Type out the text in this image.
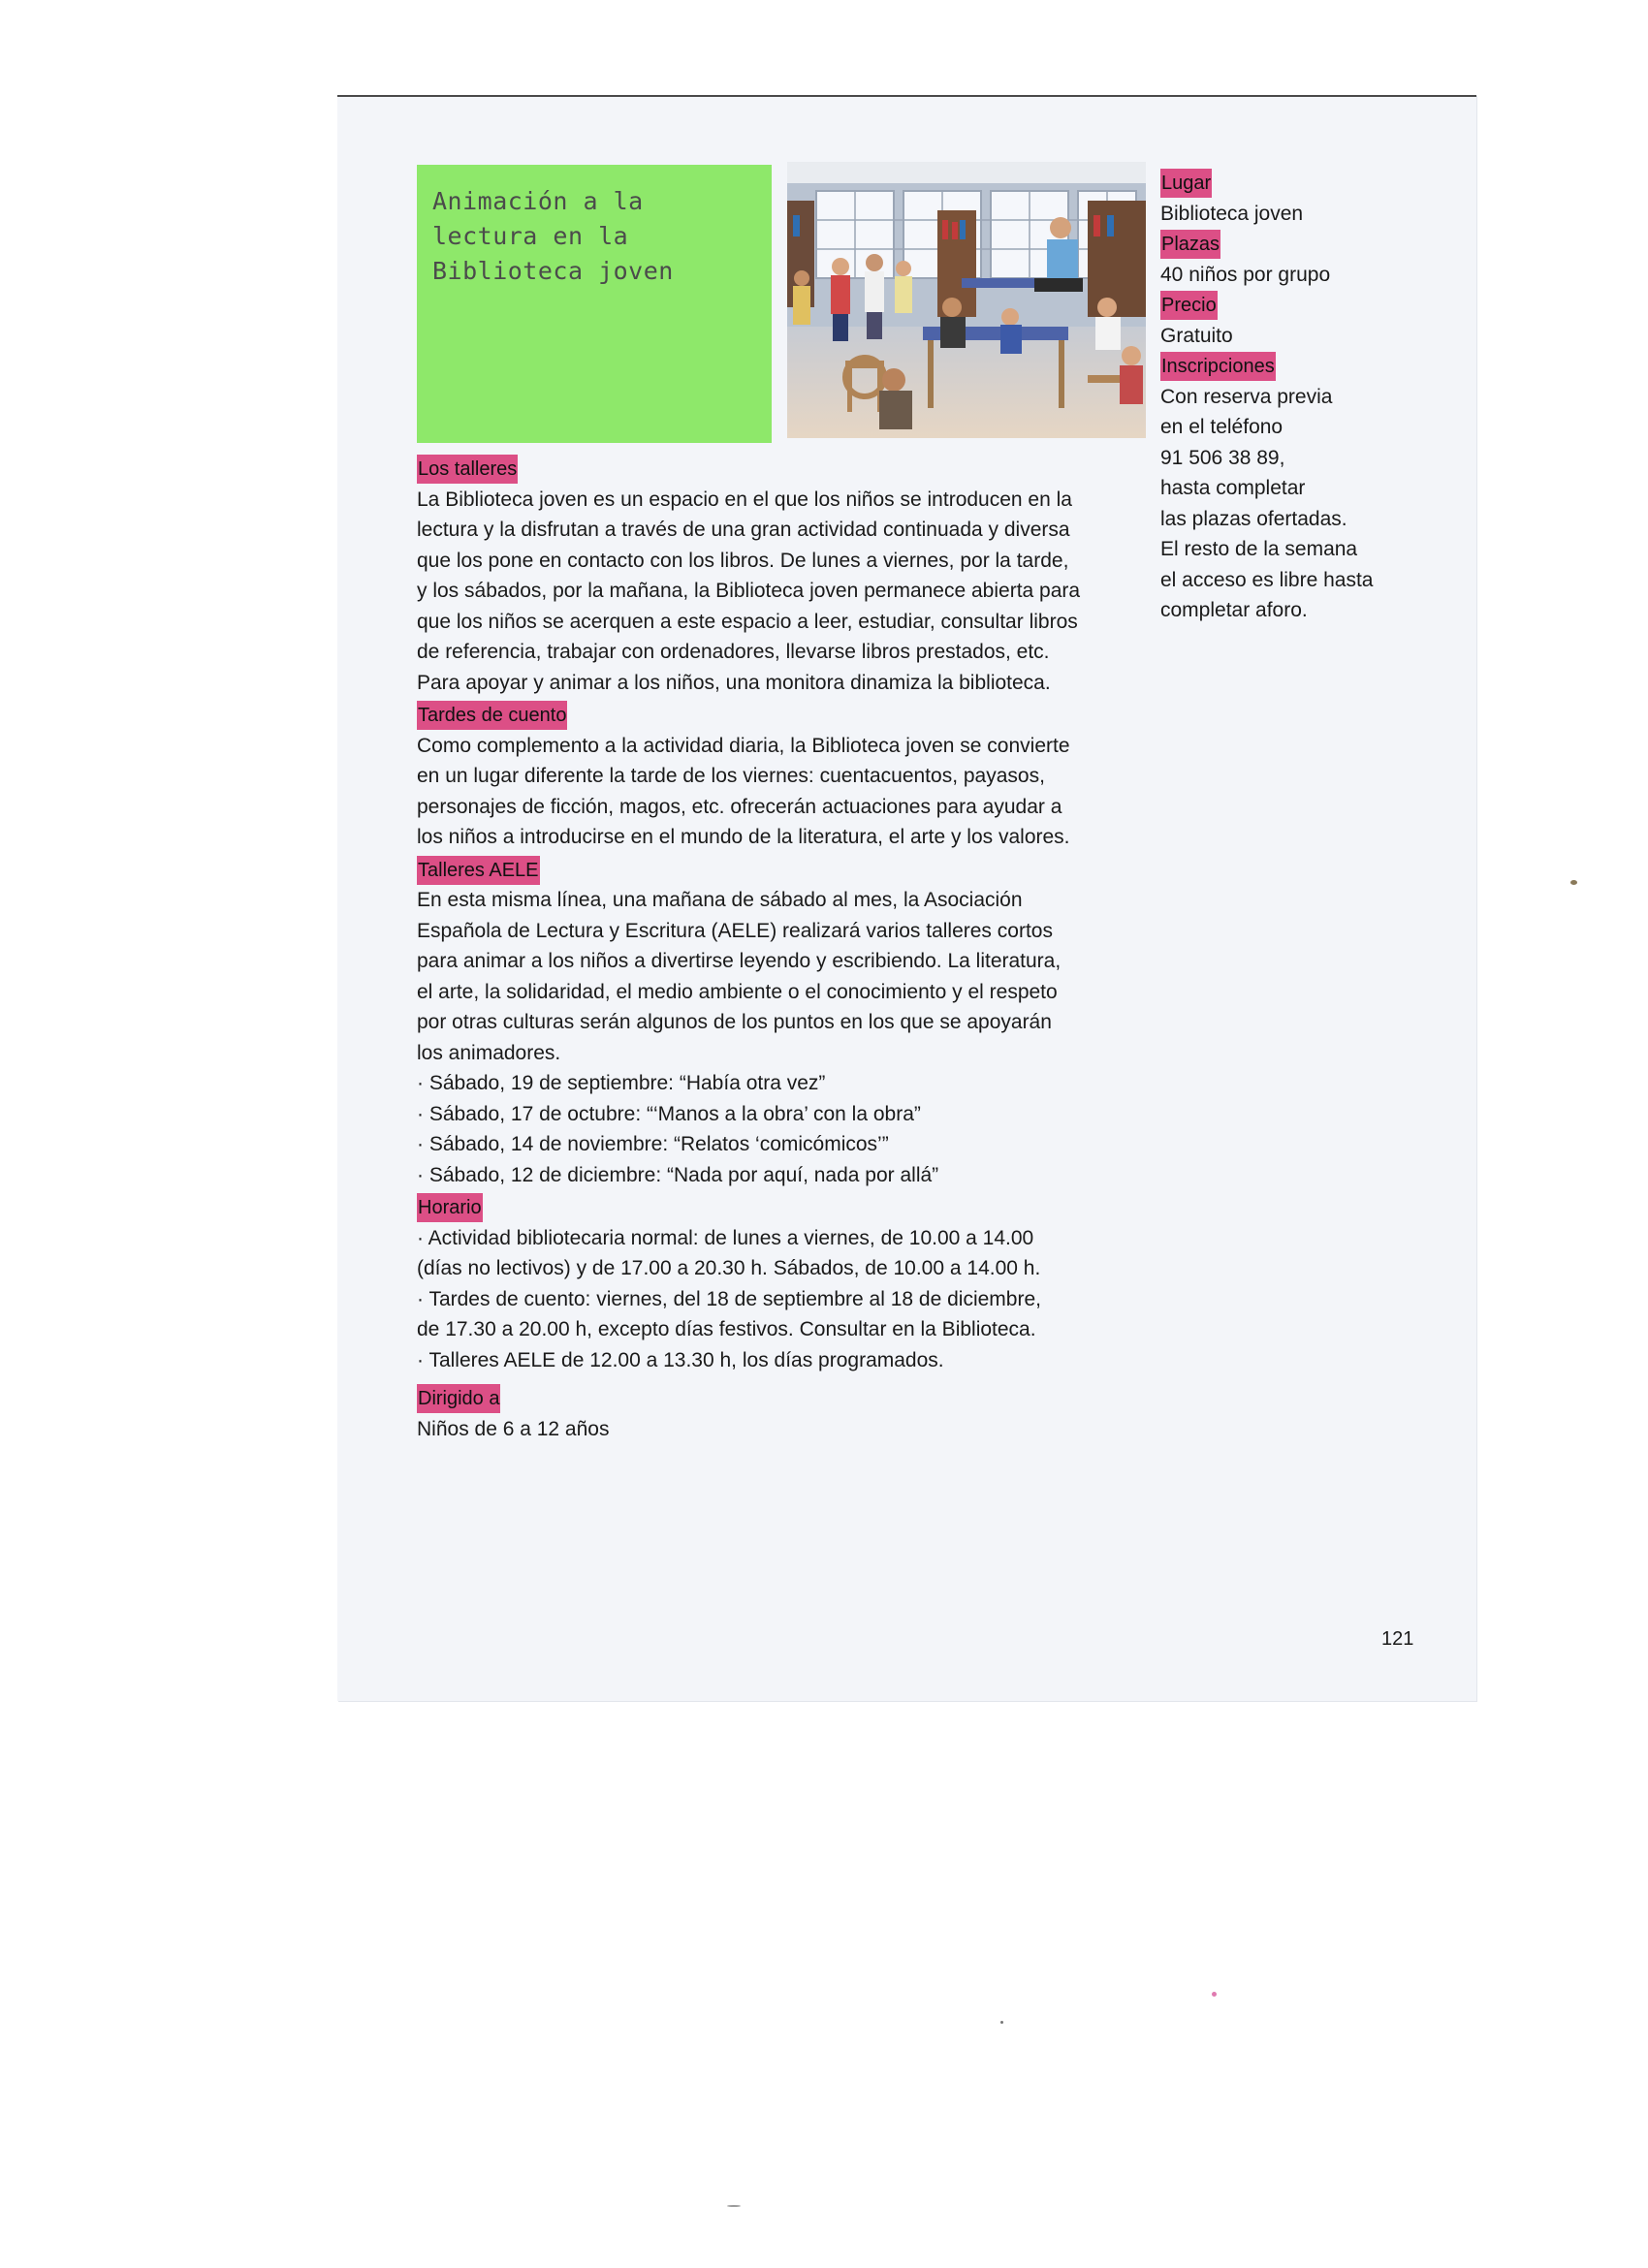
Animación a la lectura en la Biblioteca joven

Los talleres

La Biblioteca joven es un espacio en el que los niños se introducen en la

lectura y la disfrutan a través de una gran actividad continuada y diversa

que los pone en contacto con los libros. De lunes a viernes, por la tarde,

y los sábados, por la mañana, la Biblioteca joven permanece abierta para

que los niños se acerquen a este espacio a leer, estudiar, consultar libros

de referencia, trabajar con ordenadores, llevarse libros prestados, etc.

Para apoyar y animar a los niños, una monitora dinamiza la biblioteca.

Tardes de cuento

Como complemento a la actividad diaria, la Biblioteca joven se convierte

en un lugar diferente la tarde de los viernes: cuentacuentos, payasos,

personajes de ficción, magos, etc. ofrecerán actuaciones para ayudar a

los niños a introducirse en el mundo de la literatura, el arte y los valores.

Talleres AELE

En esta misma línea, una mañana de sábado al mes, la Asociación

Española de Lectura y Escritura (AELE) realizará varios talleres cortos

para animar a los niños a divertirse leyendo y escribiendo. La literatura,

el arte, la solidaridad, el medio ambiente o el conocimiento y el respeto

por otras culturas serán algunos de los puntos en los que se apoyarán

los animadores.

· Sábado, 19 de septiembre: “Había otra vez”

· Sábado, 17 de octubre: “‘Manos a la obra’ con la obra”

· Sábado, 14 de noviembre: “Relatos ‘comicómicos’”

· Sábado, 12 de diciembre: “Nada por aquí, nada por allá”

Horario

· Actividad bibliotecaria normal: de lunes a viernes, de 10.00 a 14.00

(días no lectivos) y de 17.00 a 20.30 h. Sábados, de 10.00 a 14.00 h.

· Tardes de cuento: viernes, del 18 de septiembre al 18 de diciembre,

de 17.30 a 20.00 h, excepto días festivos. Consultar en la Biblioteca.

· Talleres AELE de 12.00 a 13.30 h, los días programados.

Dirigido a

Niños de 6 a 12 años

Lugar

Biblioteca joven

Plazas

40 niños por grupo

Precio

Gratuito

Inscripciones

Con reserva previa

en el teléfono

91 506 38 89,

hasta completar

las plazas ofertadas.

El resto de la semana

el acceso es libre hasta

completar aforo.

121
